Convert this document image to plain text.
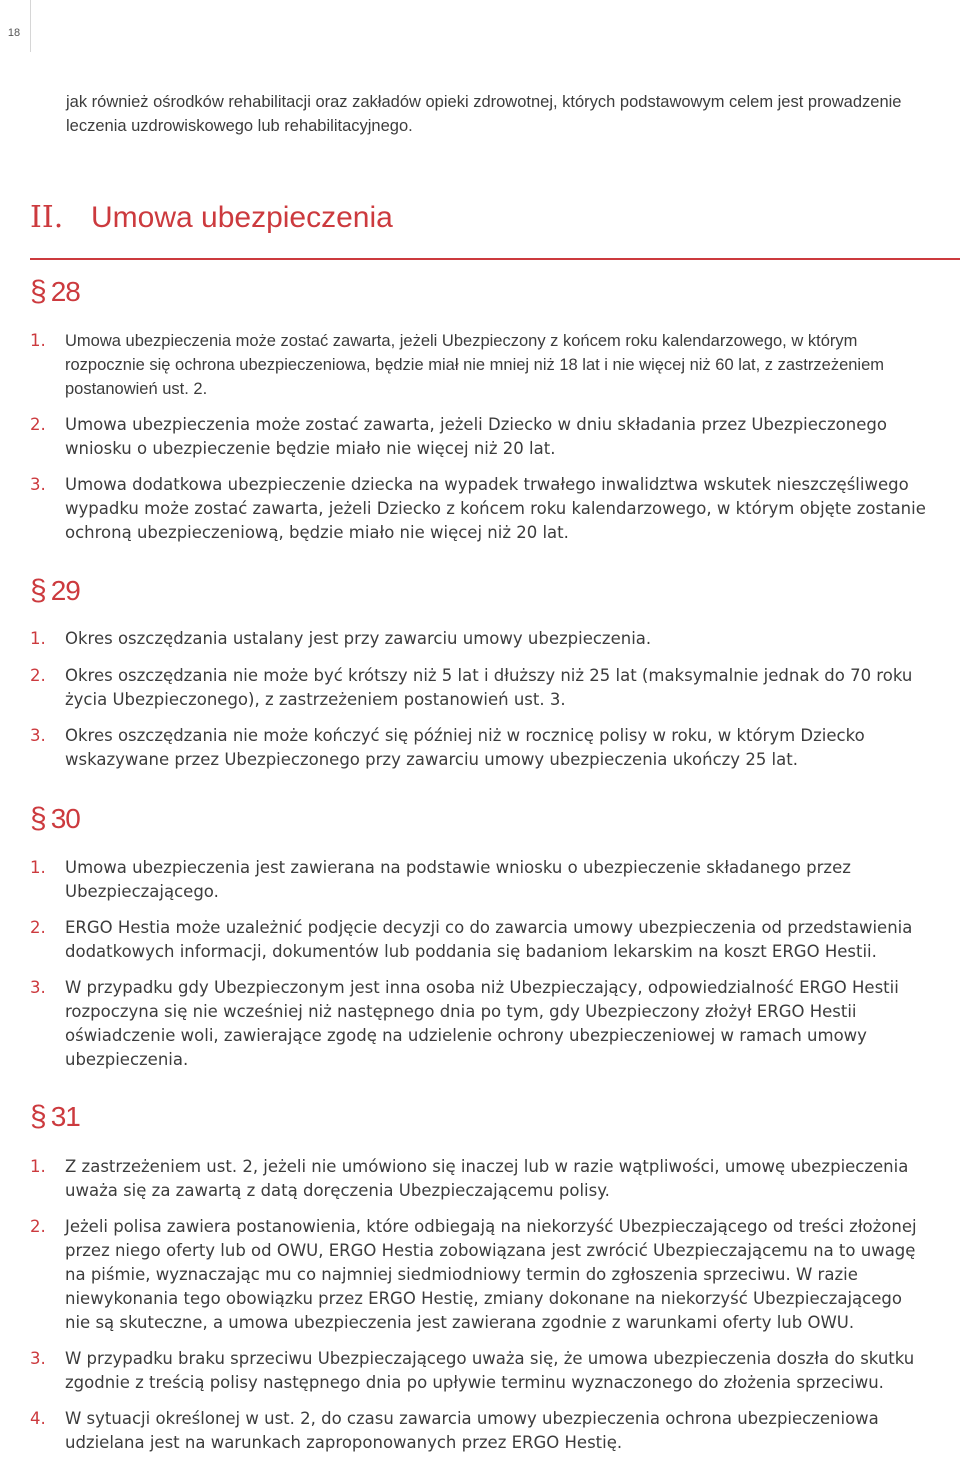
18
jak również ośrodków rehabilitacji oraz zakładów opieki zdrowotnej, których podstawowym celem jest prowadzenie leczenia uzdrowiskowego lub rehabilitacyjnego.
II. Umowa ubezpieczenia
§ 28
1.	Umowa ubezpieczenia może zostać zawarta, jeżeli Ubezpieczony z końcem roku kalendarzowego, w którym rozpocznie się ochrona ubezpieczeniowa, będzie miał nie mniej niż 18 lat i nie więcej niż 60 lat, z zastrzeżeniem postanowień ust. 2.
2.	Umowa ubezpieczenia może zostać zawarta, jeżeli Dziecko w dniu składania przez Ubezpieczonego wniosku o ubezpieczenie będzie miało nie więcej niż 20 lat.
3.	Umowa dodatkowa ubezpieczenie dziecka na wypadek trwałego inwalidztwa wskutek nieszczęśliwego wypadku może zostać zawarta, jeżeli Dziecko z końcem roku kalendarzowego, w którym objęte zostanie ochroną ubezpieczeniową, będzie miało nie więcej niż 20 lat.
§ 29
1.	Okres oszczędzania ustalany jest przy zawarciu umowy ubezpieczenia.
2.	Okres oszczędzania nie może być krótszy niż 5 lat i dłuższy niż 25 lat (maksymalnie jednak do 70 roku życia Ubezpieczonego), z zastrzeżeniem postanowień ust. 3.
3.	Okres oszczędzania nie może kończyć się później niż w rocznicę polisy w roku, w którym Dziecko wskazywane przez Ubezpieczonego przy zawarciu umowy ubezpieczenia ukończy 25 lat.
§ 30
1.	Umowa ubezpieczenia jest zawierana na podstawie wniosku o ubezpieczenie składanego przez Ubezpieczającego.
2.	ERGO Hestia może uzależnić podjęcie decyzji co do zawarcia umowy ubezpieczenia od przedstawienia dodatkowych informacji, dokumentów lub poddania się badaniom lekarskim na koszt ERGO Hestii.
3.	W przypadku gdy Ubezpieczonym jest inna osoba niż Ubezpieczający, odpowiedzialność ERGO Hestii rozpoczyna się nie wcześniej niż następnego dnia po tym, gdy Ubezpieczony złożył ERGO Hestii oświadczenie woli, zawierające zgodę na udzielenie ochrony ubezpieczeniowej w ramach umowy ubezpieczenia.
§ 31
1.	Z zastrzeżeniem ust. 2, jeżeli nie umówiono się inaczej lub w razie wątpliwości, umowę ubezpieczenia uważa się za zawartą z datą doręczenia Ubezpieczającemu polisy.
2.	Jeżeli polisa zawiera postanowienia, które odbiegają na niekorzyść Ubezpieczającego od treści złożonej przez niego oferty lub od OWU, ERGO Hestia zobowiązana jest zwrócić Ubezpieczającemu na to uwagę na piśmie, wyznaczając mu co najmniej siedmiodniowy termin do zgłoszenia sprzeciwu. W razie niewykonania tego obowiązku przez ERGO Hestię, zmiany dokonane na niekorzyść Ubezpieczającego nie są skuteczne, a umowa ubezpieczenia jest zawierana zgodnie z warunkami oferty lub OWU.
3.	W przypadku braku sprzeciwu Ubezpieczającego uważa się, że umowa ubezpieczenia doszła do skutku zgodnie z treścią polisy następnego dnia po upływie terminu wyznaczonego do złożenia sprzeciwu.
4.	W sytuacji określonej w ust. 2, do czasu zawarcia umowy ubezpieczenia ochrona ubezpieczeniowa udzielana jest na warunkach zaproponowanych przez ERGO Hestię.
